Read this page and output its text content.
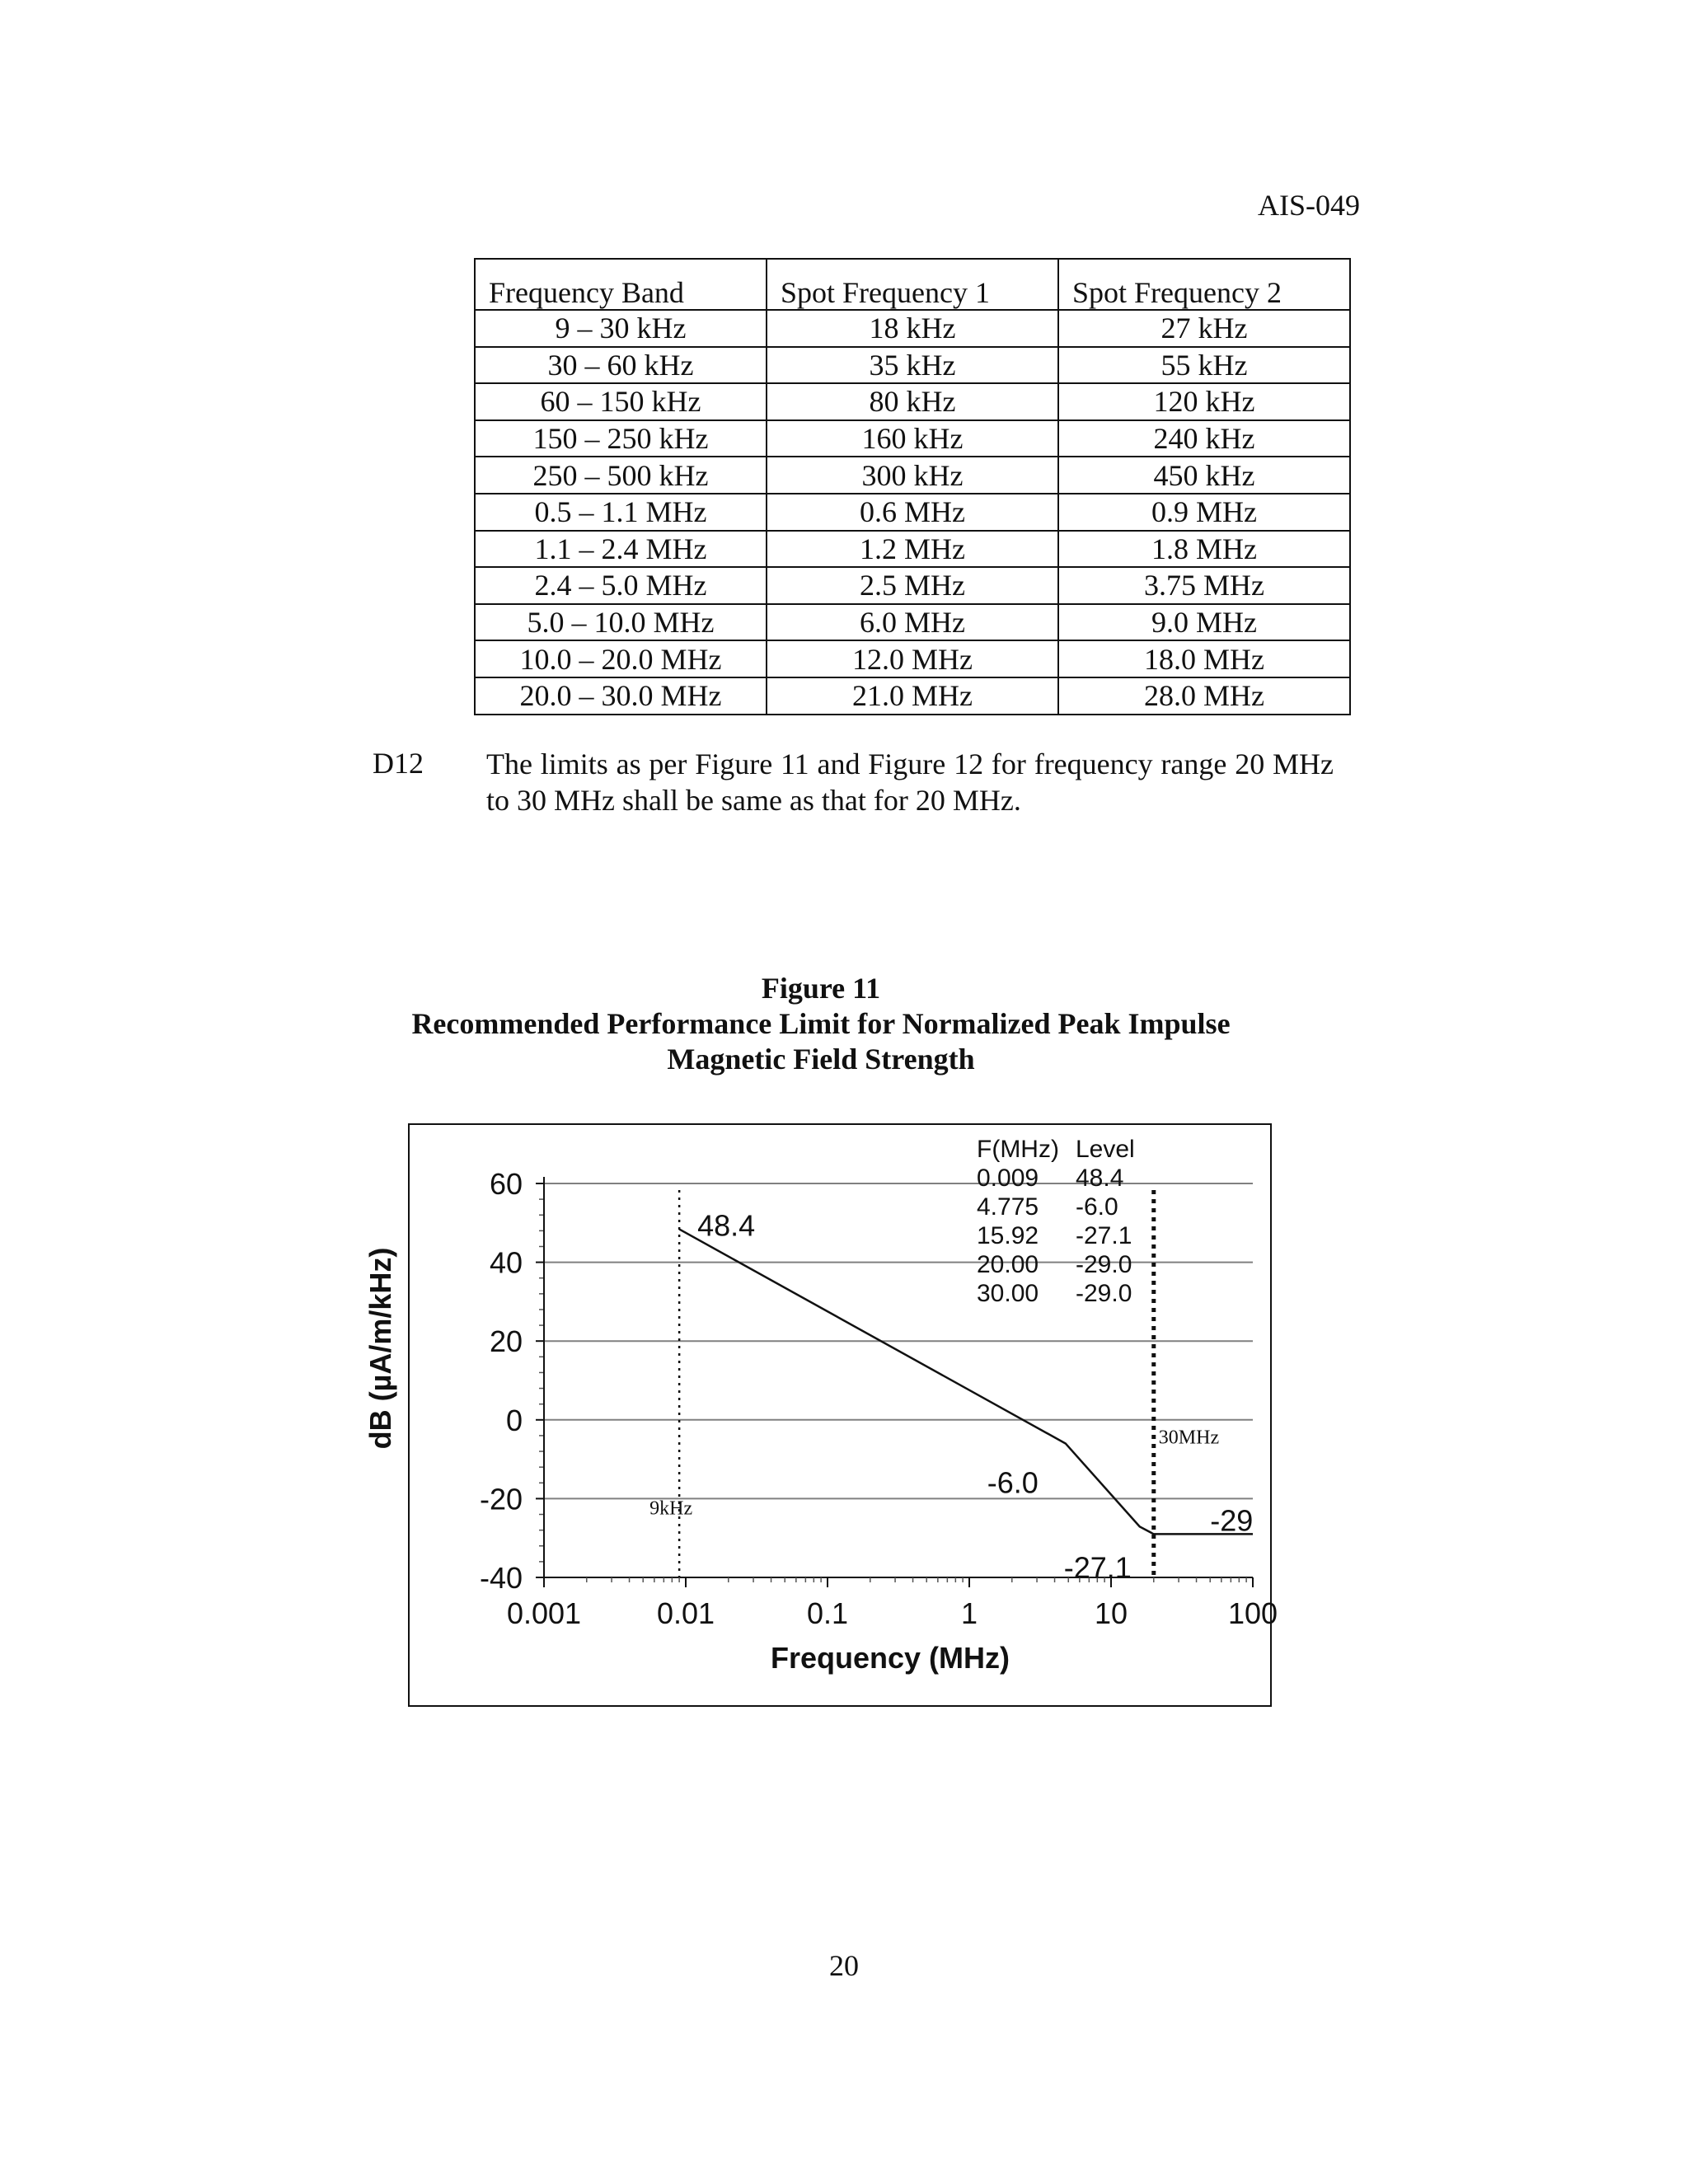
AIS-049
Frequency Band	Spot Frequency 1	Spot Frequency 2
9 – 30 kHz	18 kHz	27 kHz
30 – 60 kHz	35 kHz	55 kHz
60 – 150 kHz	80 kHz	120 kHz
150 – 250 kHz	160 kHz	240 kHz
250 – 500 kHz	300 kHz	450 kHz
0.5 – 1.1 MHz	0.6 MHz	0.9 MHz
1.1 – 2.4 MHz	1.2 MHz	1.8 MHz
2.4 – 5.0 MHz	2.5 MHz	3.75 MHz
5.0 – 10.0 MHz	6.0 MHz	9.0 MHz
10.0 – 20.0 MHz	12.0 MHz	18.0 MHz
20.0 – 30.0 MHz	21.0 MHz	28.0 MHz
D12 The limits as per Figure 11 and Figure 12 for frequency range 20 MHz to 30 MHz shall be same as that for 20 MHz.
Figure 11
Recommended Performance Limit for Normalized Peak Impulse
Magnetic Field Strength
60
40
20
0
-20
-40
0.001	0.01	0.1	1	10	100
9kHz
30MHz
48.4
-6.0
-27.1
-29
F(MHz) Level
0.009 48.4
4.775 -6.0
15.92 -27.1
20.00 -29.0
30.00 -29.0
Frequency (MHz)
dB (µA/m/kHz)
20
